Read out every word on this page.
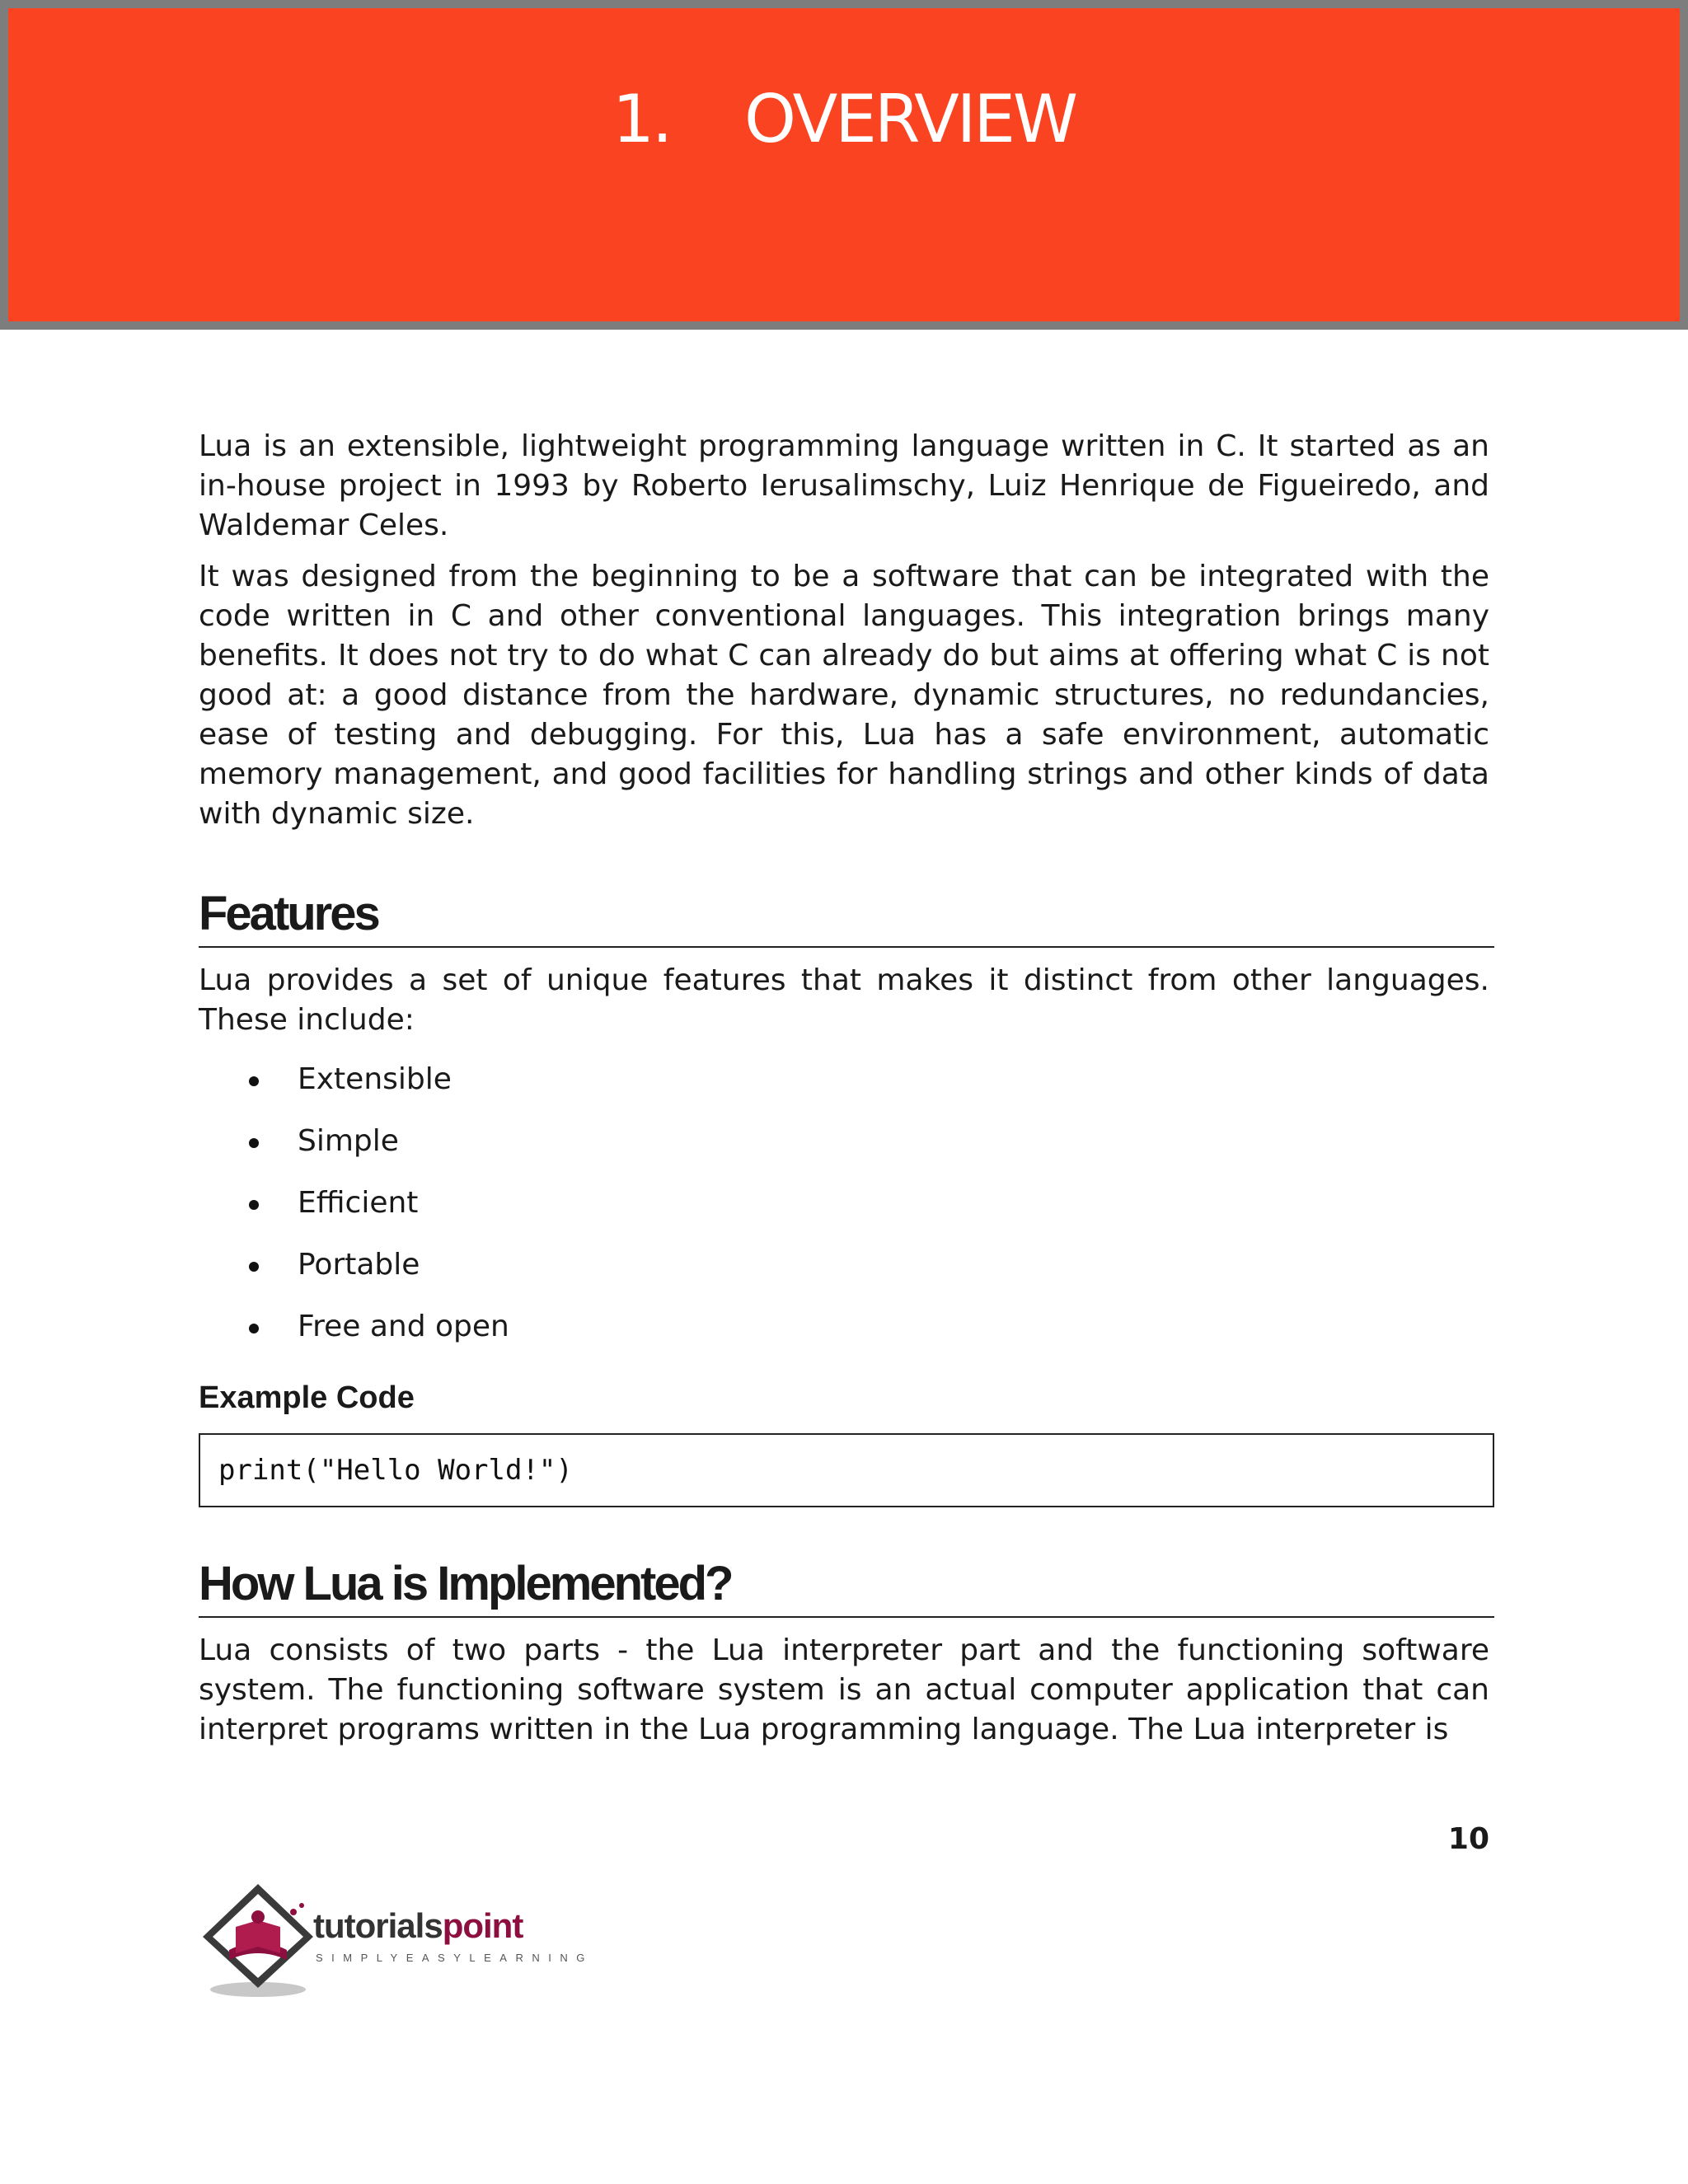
1.    OVERVIEW

Lua is an extensible, lightweight programming language written in C. It started as an in-house project in 1993 by Roberto Ierusalimschy, Luiz Henrique de Figueiredo, and Waldemar Celes.

It was designed from the beginning to be a software that can be integrated with the code written in C and other conventional languages. This integration brings many benefits. It does not try to do what C can already do but aims at offering what C is not good at: a good distance from the hardware, dynamic structures, no redundancies, ease of testing and debugging. For this, Lua has a safe environment, automatic memory management, and good facilities for handling strings and other kinds of data with dynamic size.

Features

Lua provides a set of unique features that makes it distinct from other languages. These include:

Extensible
Simple
Efficient
Portable
Free and open
Example Code
print("Hello World!")
How Lua is Implemented?

Lua consists of two parts - the Lua interpreter part and the functioning software system. The functioning software system is an actual computer application that can interpret programs written in the Lua programming language. The Lua interpreter is

10
tutorialspoint
SIMPLYEASYLEARNING
